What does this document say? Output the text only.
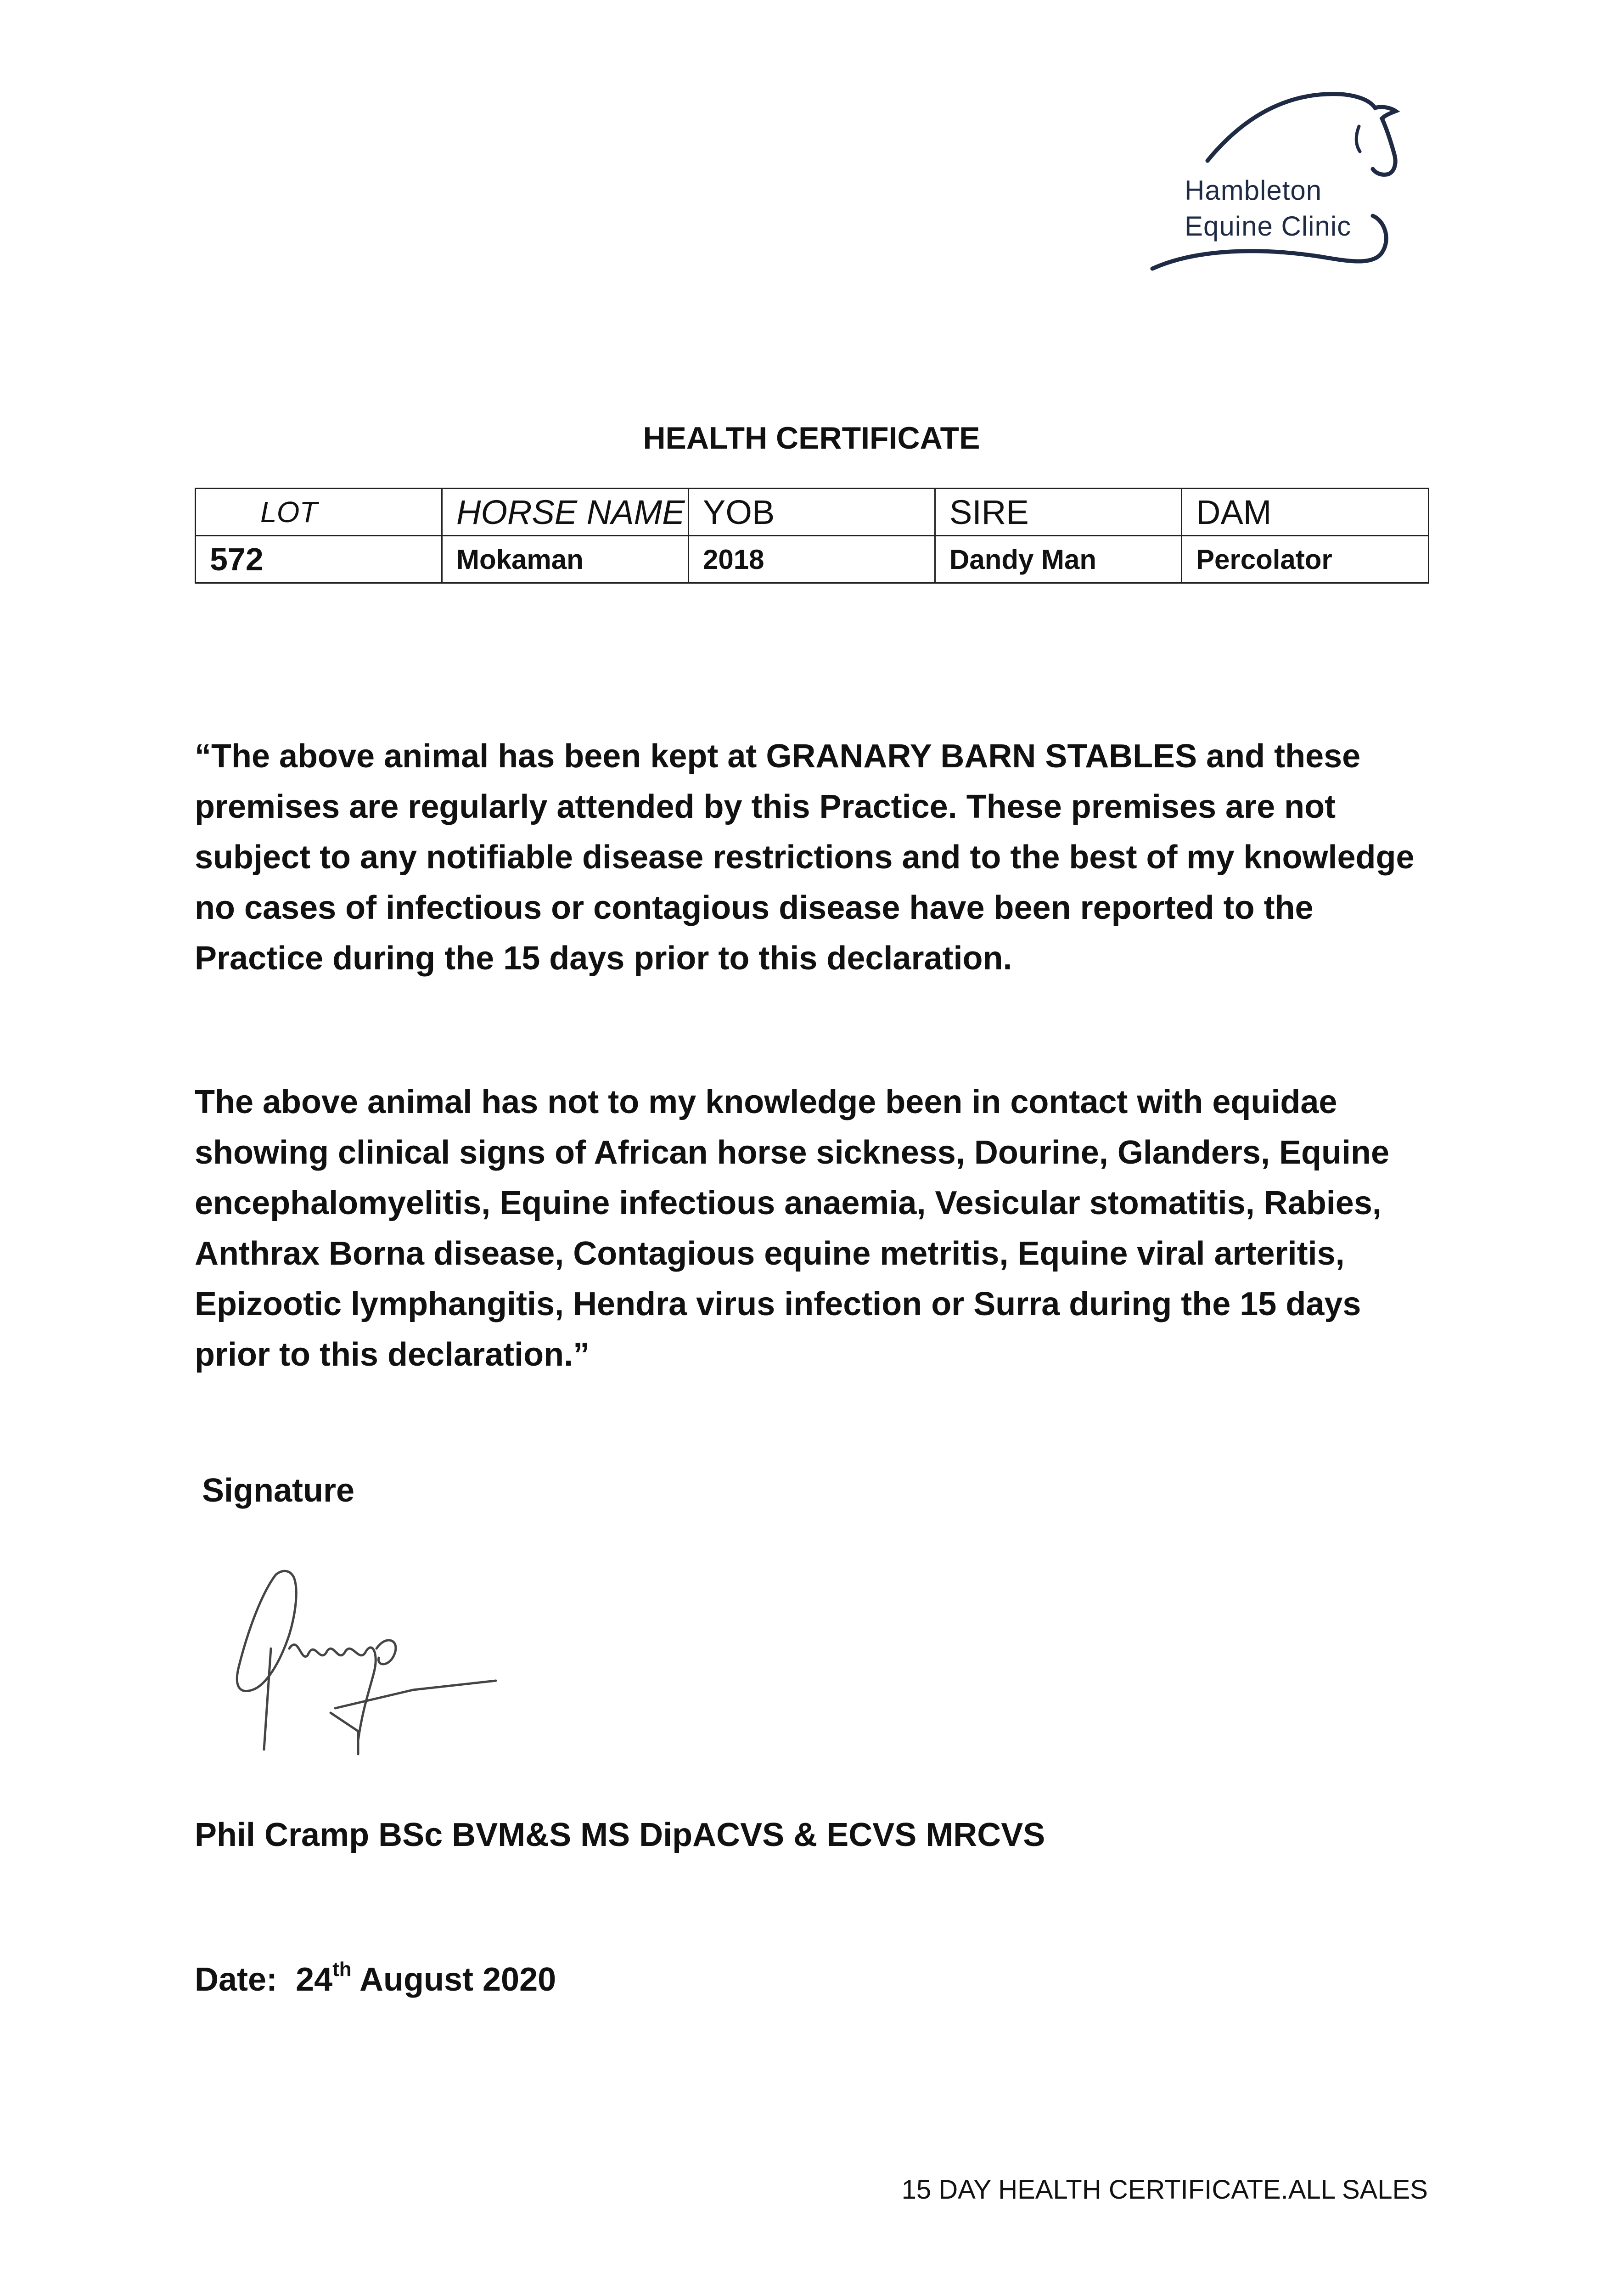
Hambleton
Equine Clinic
HEALTH CERTIFICATE
LOT	HORSE NAME	YOB	SIRE	DAM
572	Mokaman	2018	Dandy Man	Percolator

“The above animal has been kept at GRANARY BARN STABLES and these premises are regularly attended by this Practice. These premises are not subject to any notifiable disease restrictions and to the best of my knowledge no cases of infectious or contagious disease have been reported to the Practice during the 15 days prior to this declaration.

The above animal has not to my knowledge been in contact with equidae showing clinical signs of African horse sickness, Dourine, Glanders, Equine encephalomyelitis, Equine infectious anaemia, Vesicular stomatitis, Rabies, Anthrax Borna disease, Contagious equine metritis, Equine viral arteritis, Epizootic lymphangitis, Hendra virus infection or Surra during the 15 days prior to this declaration.”

Signature
Phil Cramp BSc BVM&S MS DipACVS & ECVS MRCVS
Date: 24th August 2020
15 DAY HEALTH CERTIFICATE.ALL SALES
